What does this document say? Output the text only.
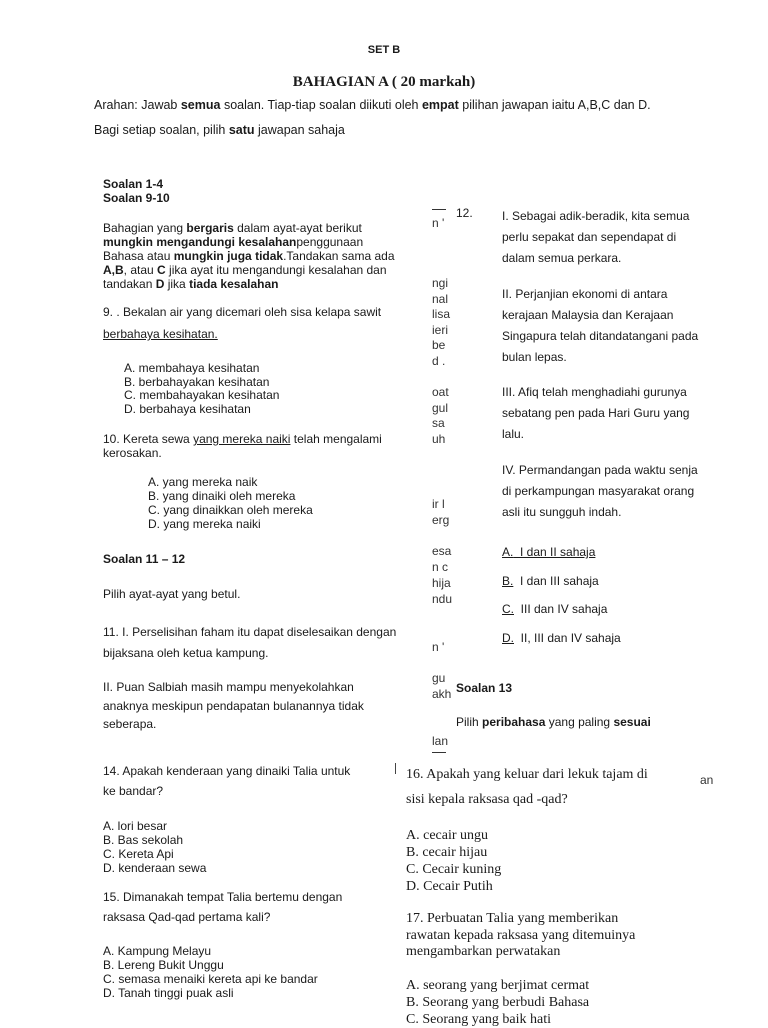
SET B
BAHAGIAN A ( 20 markah)
Arahan: Jawab semua soalan. Tiap-tiap soalan diikuti oleh empat pilihan jawapan iaitu A,B,C dan D.
Bagi setiap soalan, pilih satu jawapan sahaja
Soalan 1-4
Soalan 9-10
Bahagian yang bergaris dalam ayat-ayat berikut
mungkin mengandungi kesalahanpenggunaan
Bahasa atau mungkin juga tidak.Tandakan sama ada
A,B, atau C jika ayat itu mengandungi kesalahan dan
tandakan D jika tiada kesalahan
9. . Bekalan air yang dicemari oleh sisa kelapa sawit
berbahaya kesihatan.
A. membahaya kesihatan
B. berbahayakan kesihatan
C. membahayakan kesihatan
D. berbahaya kesihatan
10. Kereta sewa yang mereka naiki telah mengalami
kerosakan.
A. yang mereka naik
B. yang dinaiki oleh mereka
C. yang dinaikkan oleh mereka
D. yang mereka naiki
Soalan 11 – 12
Pilih ayat-ayat yang betul.
11. I. Perselisihan faham itu dapat diselesaikan dengan
bijaksana oleh ketua kampung.
II. Puan Salbiah masih mampu menyekolahkan
anaknya meskipun pendapatan bulanannya tidak
seberapa.
14. Apakah kenderaan yang dinaiki Talia untuk
ke bandar?
A. lori besar
B. Bas sekolah
C. Kereta Api
D. kenderaan sewa
15. Dimanakah tempat Talia bertemu dengan
raksasa Qad-qad pertama kali?
A. Kampung Melayu
B. Lereng Bukit Unggu
C. semasa menaiki kereta api ke bandar
D. Tanah tinggi puak asli
n '
ngi
nal
lisa
ieri
be
d .
oat
gul
sa
uh
ir l
erg
esa
n c
hija
ndu
n '
gu
akh
lan
an
12. I. Sebagai adik-beradik, kita semua
perlu sepakat dan sependapat di
dalam semua perkara.
II. Perjanjian ekonomi di antara
kerajaan Malaysia dan Kerajaan
Singapura telah ditandatangani pada
bulan lepas.
III. Afiq telah menghadiahi gurunya
sebatang pen pada Hari Guru yang
lalu.
IV. Permandangan pada waktu senja
di perkampungan masyarakat orang
asli itu sungguh indah.
A.  I dan II sahaja
B.  I dan III sahaja
C.  III dan IV sahaja
D.  II, III dan IV sahaja
Soalan 13
Pilih peribahasa yang paling sesuai
16. Apakah yang keluar dari lekuk tajam di
sisi kepala raksasa qad -qad?
A. cecair ungu
B. cecair hijau
C. Cecair kuning
D. Cecair Putih
17. Perbuatan Talia yang memberikan
rawatan kepada raksasa yang ditemuinya
mengambarkan perwatakan
A. seorang yang berjimat cermat
B. Seorang yang berbudi Bahasa
C. Seorang yang baik hati
